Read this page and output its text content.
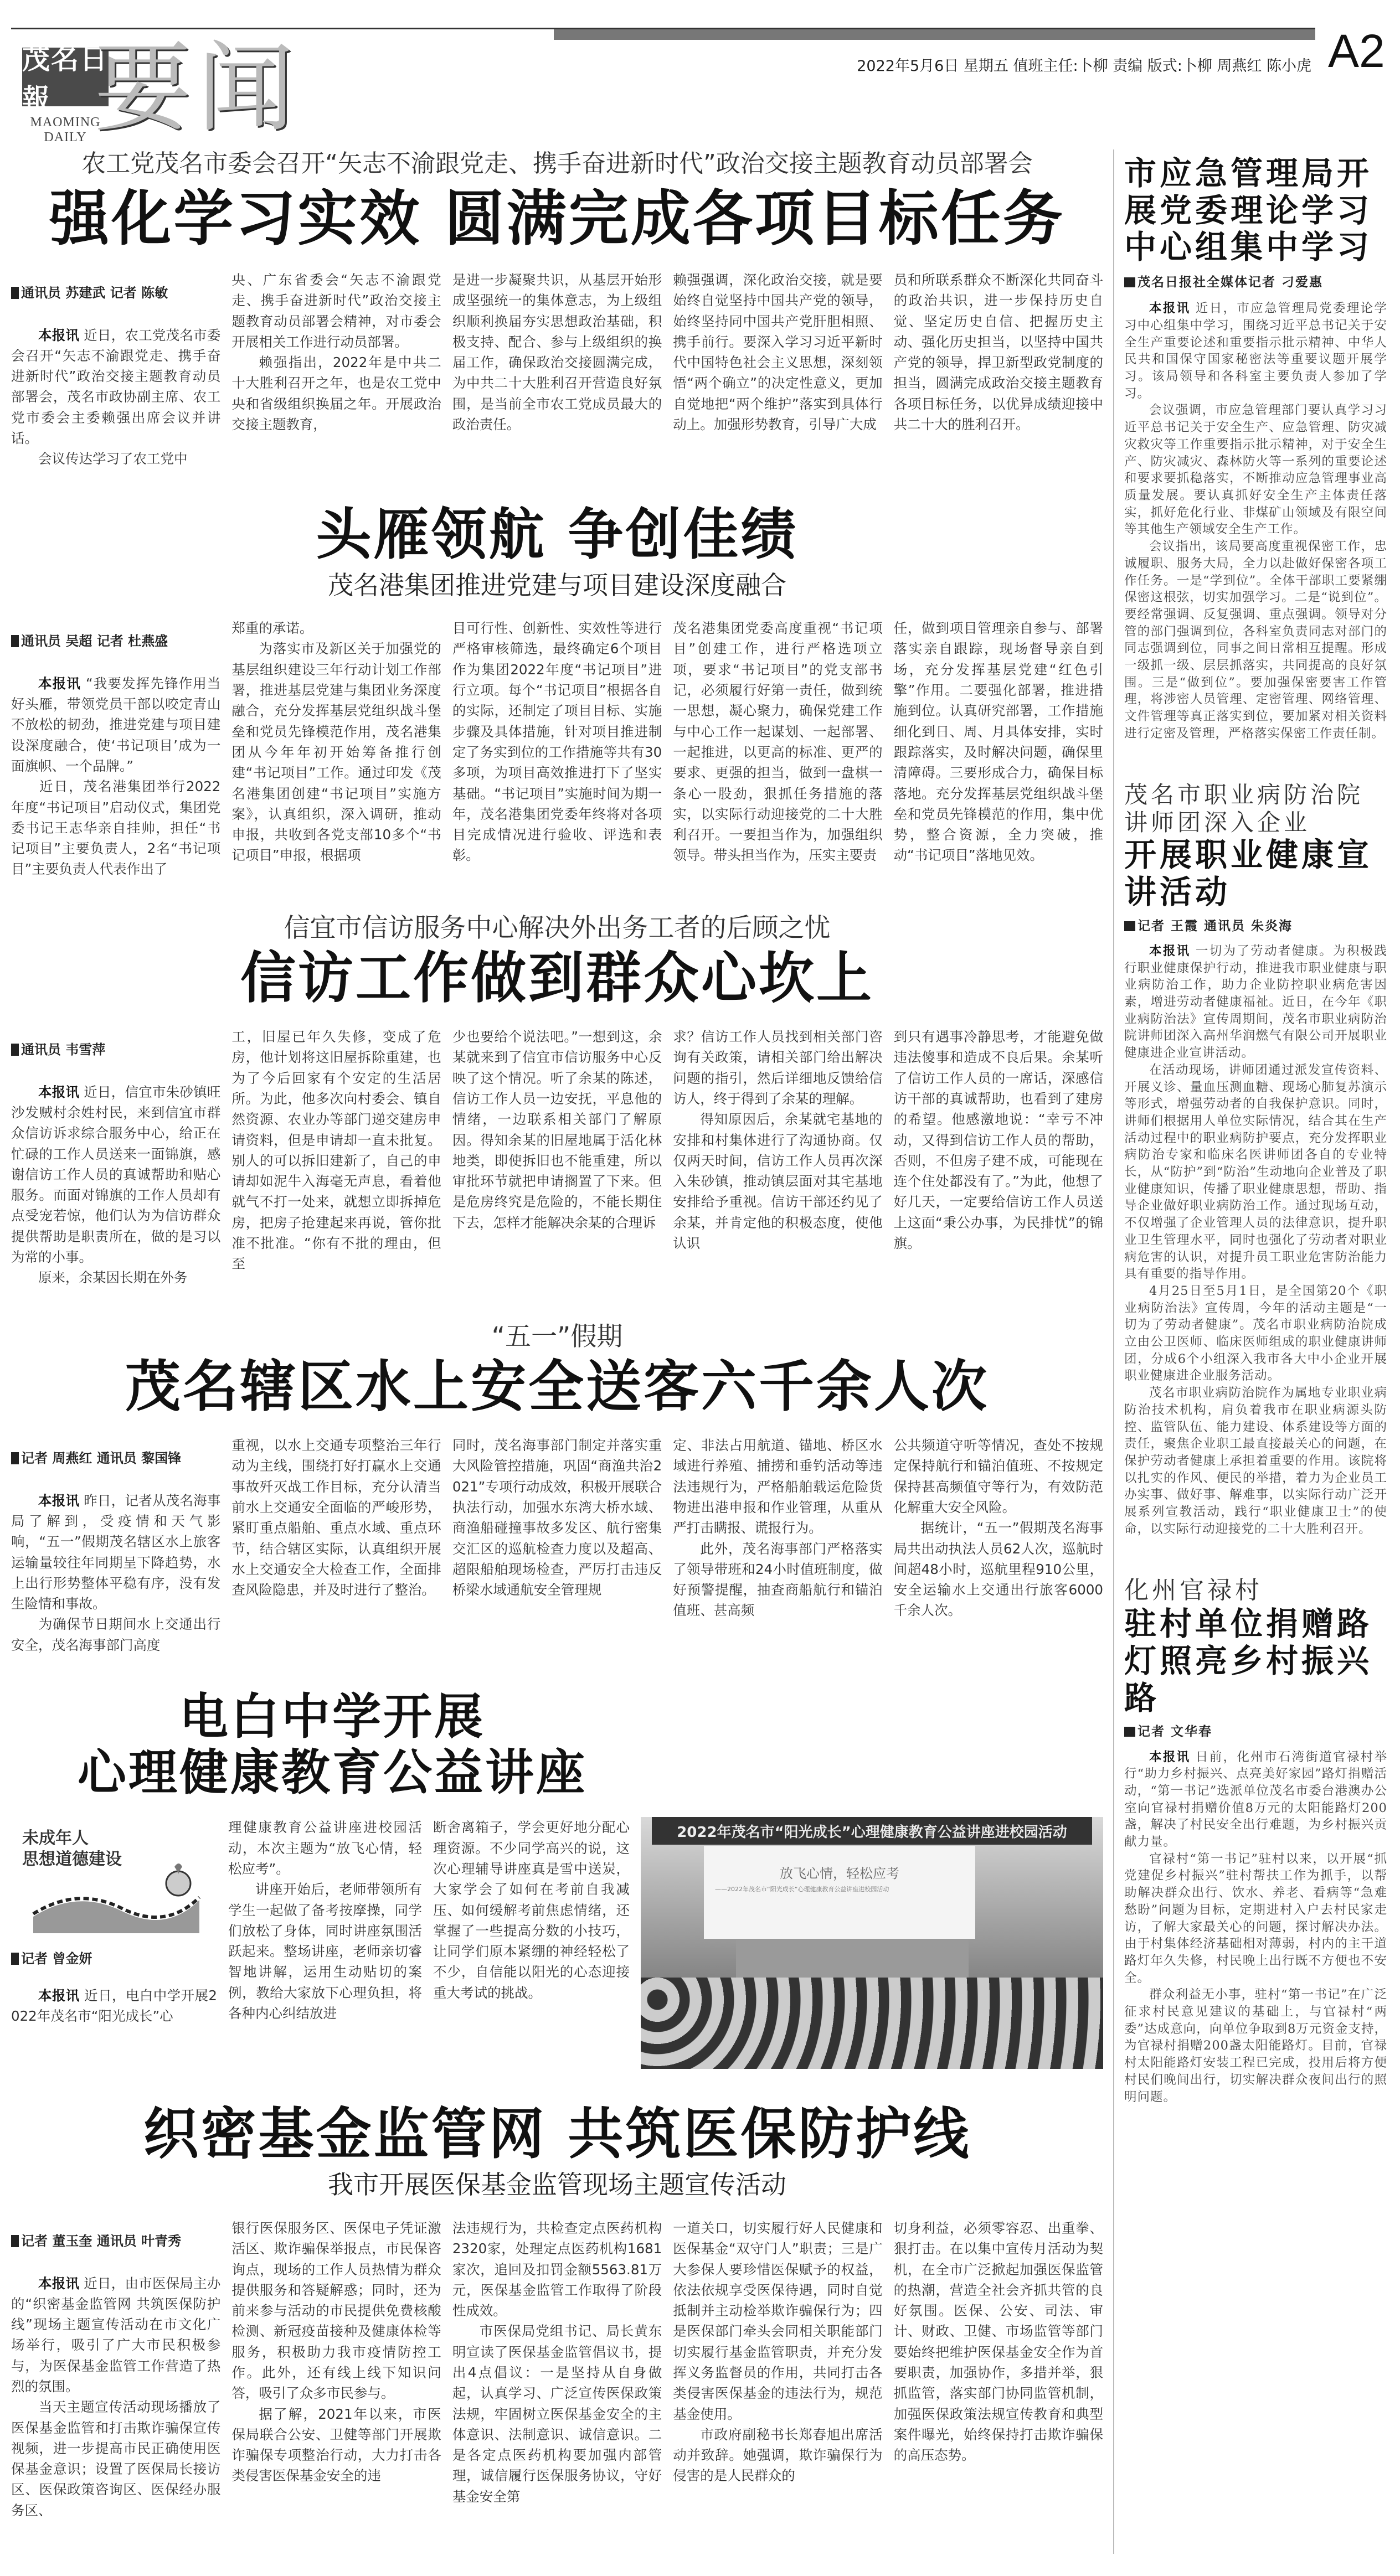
茂名日報
MAOMING DAILY 要闻	2022年5月6日 星期五 值班主任:卜柳 责编 版式:卜柳 周燕红 陈小虎 A2
农工党茂名市委会召开“矢志不渝跟党走、携手奋进新时代”政治交接主题教育动员部署会
强化学习实效 圆满完成各项目标任务
通讯员 苏建武 记者 陈敏

本报讯 近日，农工党茂名市委会召开“矢志不渝跟党走、携手奋进新时代”政治交接主题教育动员部署会，茂名市政协副主席、农工党市委会主委赖强出席会议并讲话。
会议传达学习了农工党中

央、广东省委会“矢志不渝跟党走、携手奋进新时代”政治交接主题教育动员部署会精神，对市委会开展相关工作进行动员部署。

赖强指出，2022年是中共二十大胜利召开之年，也是农工党中央和省级组织换届之年。开展政治交接主题教育，

是进一步凝聚共识，从基层开始形成坚强统一的集体意志，为上级组织顺利换届夯实思想政治基础，积极支持、配合、参与上级组织的换届工作，确保政治交接圆满完成，为中共二十大胜利召开营造良好氛围，是当前全市农工党成员最大的政治责任。
赖强强调，深化政治交接，就是要始终自觉坚持中国共产党的领导，始终坚持同中国共产党肝胆相照、携手前行。要深入学习习近平新时代中国特色社会主义思想，深刻领悟“两个确立”的决定性意义，更加自觉地把“两个维护”落实到具体行动上。加强形势教育，引导广大成
员和所联系群众不断深化共同奋斗的政治共识，进一步保持历史自觉、坚定历史自信、把握历史主动、强化历史担当，以坚持中国共产党的领导，捍卫新型政党制度的担当，圆满完成政治交接主题教育各项目标任务，以优异成绩迎接中共二十大的胜利召开。
头雁领航 争创佳绩
茂名港集团推进党建与项目建设深度融合
通讯员 吴超 记者 杜燕盛

本报讯 “我要发挥先锋作用当好头雁，带领党员干部以咬定青山不放松的韧劲，推进党建与项目建设深度融合，使‘书记项目’成为一面旗帜、一个品牌。”
近日，茂名港集团举行2022年度“书记项目”启动仪式，集团党委书记王志华亲自挂帅，担任“书记项目”主要负责人，2名“书记项目”主要负责人代表作出了

郑重的承诺。

为落实市及新区关于加强党的基层组织建设三年行动计划工作部署，推进基层党建与集团业务深度融合，充分发挥基层党组织战斗堡垒和党员先锋模范作用，茂名港集团从今年年初开始筹备推行创建“书记项目”工作。通过印发《茂名港集团创建“书记项目”实施方案》，认真组织，深入调研，推动申报，共收到各党支部10多个“书记项目”申报，根据项

目可行性、创新性、实效性等进行严格审核筛选，最终确定6个项目作为集团2022年度“书记项目”进行立项。每个“书记项目”根据各自的实际，还制定了项目目标、实施步骤及具体措施，针对项目推进制定了务实到位的工作措施等共有30多项，为项目高效推进打下了坚实基础。“书记项目”实施时间为期一年，茂名港集团党委年终将对各项目完成情况进行验收、评选和表彰。
茂名港集团党委高度重视“书记项目”创建工作，进行严格选项立项，要求“书记项目”的党支部书记，必须履行好第一责任，做到统一思想，凝心聚力，确保党建工作与中心工作一起谋划、一起部署、一起推进，以更高的标准、更严的要求、更强的担当，做到一盘棋一条心一股劲，狠抓任务措施的落实，以实际行动迎接党的二十大胜利召开。一要担当作为，加强组织领导。带头担当作为，压实主要责
任，做到项目管理亲自参与、部署落实亲自跟踪，现场督导亲自到场，充分发挥基层党建“红色引擎”作用。二要强化部署，推进措施到位。认真研究部署，工作措施细化到日、周、月具体安排，实时跟踪落实，及时解决问题，确保里清障碍。三要形成合力，确保目标落地。充分发挥基层党组织战斗堡垒和党员先锋模范的作用，集中优势，整合资源，全力突破，推动“书记项目”落地见效。
信宜市信访服务中心解决外出务工者的后顾之忧
信访工作做到群众心坎上
通讯员 韦雪萍

本报讯 近日，信宜市朱砂镇旺沙发贼村余姓村民，来到信宜市群众信访诉求综合服务中心，给正在忙碌的工作人员送来一面锦旗，感谢信访工作人员的真诚帮助和贴心服务。而面对锦旗的工作人员却有点受宠若惊，他们认为为信访群众提供帮助是职责所在，做的是习以为常的小事。
原来，余某因长期在外务

工，旧屋已年久失修，变成了危房，他计划将这旧屋拆除重建，也为了今后回家有个安定的生活居所。为此，他多次向村委会、镇自然资源、农业办等部门递交建房申请资料，但是申请却一直未批复。别人的可以拆旧建新了，自己的申请却如泥牛入海毫无声息，看着他就气不打一处来，就想立即拆掉危房，把房子抢建起来再说，管你批准不批准。“你有不批的理由，但至
少也要给个说法吧。”一想到这，余某就来到了信宜市信访服务中心反映了这个情况。听了余某的陈述，信访工作人员一边安抚，平息他的情绪，一边联系相关部门了解原因。得知余某的旧屋地属于活化林地类，即使拆旧也不能重建，所以审批环节就把申请搁置了下来。但是危房终究是危险的，不能长期住下去，怎样才能解决余某的合理诉

求？信访工作人员找到相关部门咨询有关政策，请相关部门给出解决问题的指引，然后详细地反馈给信访人，终于得到了余某的理解。

得知原因后，余某就宅基地的安排和村集体进行了沟通协商。仅仅两天时间，信访工作人员再次深入朱砂镇，推动镇层面对其宅基地安排给予重视。信访干部还约见了余某，并肯定他的积极态度，使他认识

到只有遇事冷静思考，才能避免做违法傻事和造成不良后果。余某听了信访工作人员的一席话，深感信访干部的真诚帮助，也看到了建房的希望。他感激地说：“幸亏不冲动，又得到信访工作人员的帮助，否则，不但房子建不成，可能现在连个住处都没有了。”为此，他想了好几天，一定要给信访工作人员送上这面“秉公办事，为民排忧”的锦旗。
“五一”假期
茂名辖区水上安全送客六千余人次
记者 周燕红 通讯员 黎国锋

本报讯 昨日，记者从茂名海事局了解到，受疫情和天气影响，“五一”假期茂名辖区水上旅客运输量较往年同期呈下降趋势，水上出行形势整体平稳有序，没有发生险情和事故。
为确保节日期间水上交通出行安全，茂名海事部门高度

重视，以水上交通专项整治三年行动为主线，围绕打好打赢水上交通事故歼灭战工作目标，充分认清当前水上交通安全面临的严峻形势，紧盯重点船舶、重点水域、重点环节，结合辖区实际，认真组织开展水上交通安全大检查工作，全面排查风险隐患，并及时进行了整治。
同时，茂名海事部门制定并落实重大风险管控措施，巩固“商渔共治2021”专项行动成效，积极开展联合执法行动，加强水东湾大桥水域、商渔船碰撞事故多发区、航行密集交汇区的巡航检查力度以及超高、超限船舶现场检查，严厉打击违反桥梁水域通航安全管理规

定、非法占用航道、锚地、桥区水域进行养殖、捕捞和垂钓活动等违法违规行为，严格船舶载运危险货物进出港申报和作业管理，从重从严打击瞒报、谎报行为。

此外，茂名海事部门严格落实了领导带班和24小时值班制度，做好预警提醒，抽查商船航行和锚泊值班、甚高频

公共频道守听等情况，查处不按规定保持航行和锚泊值班、不按规定保持甚高频值守等行为，有效防范化解重大安全风险。

据统计，“五一”假期茂名海事局共出动执法人员62人次，巡航时间超48小时，巡航里程910公里，安全运输水上交通出行旅客6000千余人次。

电白中学开展
心理健康教育公益讲座
未成年人
思想道德建设
记者 曾金妍

本报讯 近日，电白中学开展2022年茂名市“阳光成长”心

理健康教育公益讲座进校园活动，本次主题为“放飞心情，轻松应考”。

讲座开始后，老师带领所有学生一起做了备考按摩操，同学们放松了身体，同时讲座氛围活跃起来。整场讲座，老师亲切睿智地讲解，运用生动贴切的案例，教给大家放下心理负担，将各种内心纠结放进

断舍离箱子，学会更好地分配心理资源。不少同学高兴的说，这次心理辅导讲座真是雪中送炭，大家学会了如何在考前自我减压、如何缓解考前焦虑情绪，还掌握了一些提高分数的小技巧，让同学们原本紧绷的神经轻松了不少，自信能以阳光的心态迎接重大考试的挑战。
2022年茂名市“阳光成长”心理健康教育公益讲座进校园活动
放飞心情，轻松应考
——2022年茂名市“阳光成长”心理健康教育公益讲座进校园活动
织密基金监管网 共筑医保防护线
我市开展医保基金监管现场主题宣传活动
记者 董玉奎 通讯员 叶青秀

本报讯 近日，由市医保局主办的“织密基金监管网 共筑医保防护线”现场主题宣传活动在市文化广场举行，吸引了广大市民积极参与，为医保基金监管工作营造了热烈的氛围。
当天主题宣传活动现场播放了医保基金监管和打击欺诈骗保宣传视频，进一步提高市民正确使用医保基金意识；设置了医保局长接访区、医保政策咨询区、医保经办服务区、

银行医保服务区、医保电子凭证激活区、欺诈骗保举报点，市民保咨询点，现场的工作人员热情为群众提供服务和答疑解惑；同时，还为前来参与活动的市民提供免费核酸检测、新冠疫苗接种及健康体检等服务，积极助力我市疫情防控工作。此外，还有线上线下知识问答，吸引了众多市民参与。

据了解，2021年以来，市医保局联合公安、卫健等部门开展欺诈骗保专项整治行动，大力打击各类侵害医保基金安全的违

法违规行为，共检查定点医药机构2320家，处理定点医药机构1681家次，追回及扣罚金额5563.81万元，医保基金监管工作取得了阶段性成效。

市医保局党组书记、局长黄东明宣读了医保基金监管倡议书，提出4点倡议：一是坚持从自身做起，认真学习、广泛宣传医保政策法规，牢固树立医保基金安全的主体意识、法制意识、诚信意识。二是各定点医药机构要加强内部管理，诚信履行医保服务协议，守好基金安全第

一道关口，切实履行好人民健康和医保基金“双守门人”职责；三是广大参保人要珍惜医保赋予的权益，依法依规享受医保待遇，同时自觉抵制并主动检举欺诈骗保行为；四是医保部门牵头会同相关职能部门切实履行基金监管职责，并充分发挥义务监督员的作用，共同打击各类侵害医保基金的违法行为，规范基金使用。

市政府副秘书长郑春旭出席活动并致辞。她强调，欺诈骗保行为侵害的是人民群众的

切身利益，必须零容忍、出重拳、狠打击。在以集中宣传月活动为契机，在全市广泛掀起加强医保监管的热潮，营造全社会齐抓共管的良好氛围。医保、公安、司法、审计、财政、卫健、市场监管等部门要始终把维护医保基金安全作为首要职责，加强协作，多措并举，狠抓监管，落实部门协同监管机制，加强医保政策法规宣传教育和典型案件曝光，始终保持打击欺诈骗保的高压态势。
市应急管理局开展党委理论学习中心组集中学习
茂名日报社全媒体记者 刁爱惠

本报讯 近日，市应急管理局党委理论学习中心组集中学习，围绕习近平总书记关于安全生产重要论述和重要指示批示精神、中华人民共和国保守国家秘密法等重要议题开展学习。该局领导和各科室主要负责人参加了学习。

会议强调，市应急管理部门要认真学习习近平总书记关于安全生产、应急管理、防灾减灾救灾等工作重要指示批示精神，对于安全生产、防灾减灾、森林防火等一系列的重要论述和要求要抓稳落实，不断推动应急管理事业高质量发展。要认真抓好安全生产主体责任落实，抓好危化行业、非煤矿山领域及有限空间等其他生产领域安全生产工作。

会议指出，该局要高度重视保密工作，忠诚履职、服务大局，全力以赴做好保密各项工作任务。一是“学到位”。全体干部职工要紧绷保密这根弦，切实加强学习。二是“说到位”。要经常强调、反复强调、重点强调。领导对分管的部门强调到位，各科室负责同志对部门的同志强调到位，同事之间日常相互提醒。形成一级抓一级、层层抓落实，共同提高的良好氛围。三是“做到位”。要加强保密要害工作管理，将涉密人员管理、定密管理、网络管理、文件管理等真正落实到位，要加紧对相关资料进行定密及管理，严格落实保密工作责任制。

茂名市职业病防治院讲师团深入企业
开展职业健康宣讲活动
记者 王霞 通讯员 朱炎海

本报讯 一切为了劳动者健康。为积极践行职业健康保护行动，推进我市职业健康与职业病防治工作，助力企业防控职业病危害因素，增进劳动者健康福祉。近日，在今年《职业病防治法》宣传周期间，茂名市职业病防治院讲师团深入高州华润燃气有限公司开展职业健康进企业宣讲活动。

在活动现场，讲师团通过派发宣传资料、开展义诊、量血压测血糖、现场心肺复苏演示等形式，增强劳动者的自我保护意识。同时，讲师们根据用人单位实际情况，结合其在生产活动过程中的职业病防护要点，充分发挥职业病防治专家和临床名医讲师团各自的专业特长，从“防护”到“防治”生动地向企业普及了职业健康知识，传播了职业健康思想，帮助、指导企业做好职业病防治工作。通过现场互动，不仅增强了企业管理人员的法律意识，提升职业卫生管理水平，同时也强化了劳动者对职业病危害的认识，对提升员工职业危害防治能力具有重要的指导作用。

4月25日至5月1日，是全国第20个《职业病防治法》宣传周，今年的活动主题是“一切为了劳动者健康”。茂名市职业病防治院成立由公卫医师、临床医师组成的职业健康讲师团，分成6个小组深入我市各大中小企业开展职业健康进企业服务活动。

茂名市职业病防治院作为属地专业职业病防治技术机构，肩负着我市在职业病源头防控、监管队伍、能力建设、体系建设等方面的责任，聚焦企业职工最直接最关心的问题，在保护劳动者健康上承担着重要的作用。该院将以扎实的作风、便民的举措，着力为企业员工办实事、做好事、解难事，以实际行动广泛开展系列宣教活动，践行“职业健康卫士”的使命，以实际行动迎接党的二十大胜利召开。

化州官禄村
驻村单位捐赠路灯照亮乡村振兴路
记者 文华春

本报讯 日前，化州市石湾街道官禄村举行“助力乡村振兴、点亮美好家园”路灯捐赠活动，“第一书记”选派单位茂名市委台港澳办公室向官禄村捐赠价值8万元的太阳能路灯200盏，解决了村民安全出行难题，为乡村振兴贡献力量。

官禄村“第一书记”驻村以来，以开展“抓党建促乡村振兴”驻村帮扶工作为抓手，以帮助解决群众出行、饮水、养老、看病等“急难愁盼”问题为目标，定期进村入户去村民家走访，了解大家最关心的问题，探讨解决办法。由于村集体经济基础相对薄弱，村内的主干道路灯年久失修，村民晚上出行既不方便也不安全。

群众利益无小事，驻村“第一书记”在广泛征求村民意见建议的基础上，与官禄村“两委”达成意向，向单位争取到8万元资金支持，为官禄村捐赠200盏太阳能路灯。目前，官禄村太阳能路灯安装工程已完成，投用后将方便村民们晚间出行，切实解决群众夜间出行的照明问题。
